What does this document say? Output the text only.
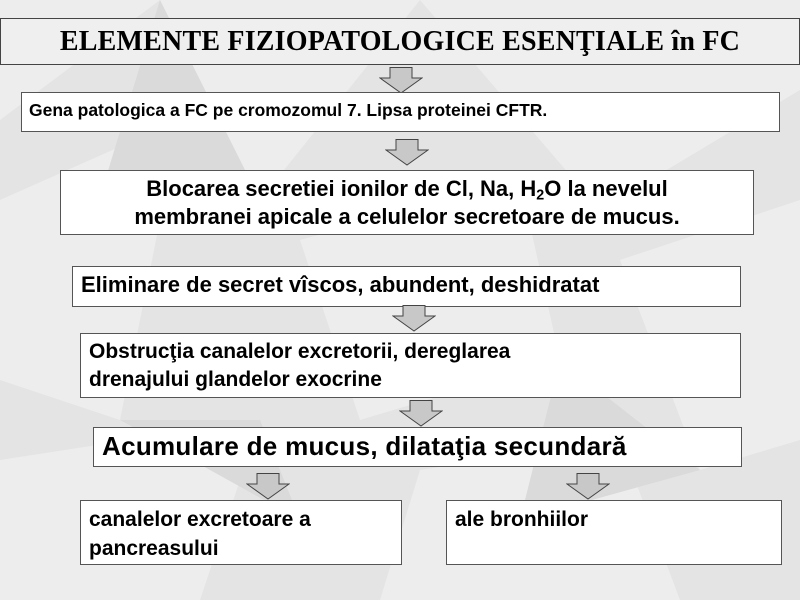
ELEMENTE FIZIOPATOLOGICE ESENŢIALE în FC
Gena patologica a FC pe cromozomul 7. Lipsa proteinei CFTR.
Blocarea secretiei ionilor de Cl, Na, $H_2O$ la nevelul
membranei apicale a celulelor secretoare de mucus.
Eliminare de secret vîscos, abundent, deshidratat
Obstrucţia canalelor excretorii, dereglarea
drenajului glandelor exocrine
Acumulare de mucus, dilataţia secundară
canalelor excretoare a
pancreasului
ale bronhiilor
